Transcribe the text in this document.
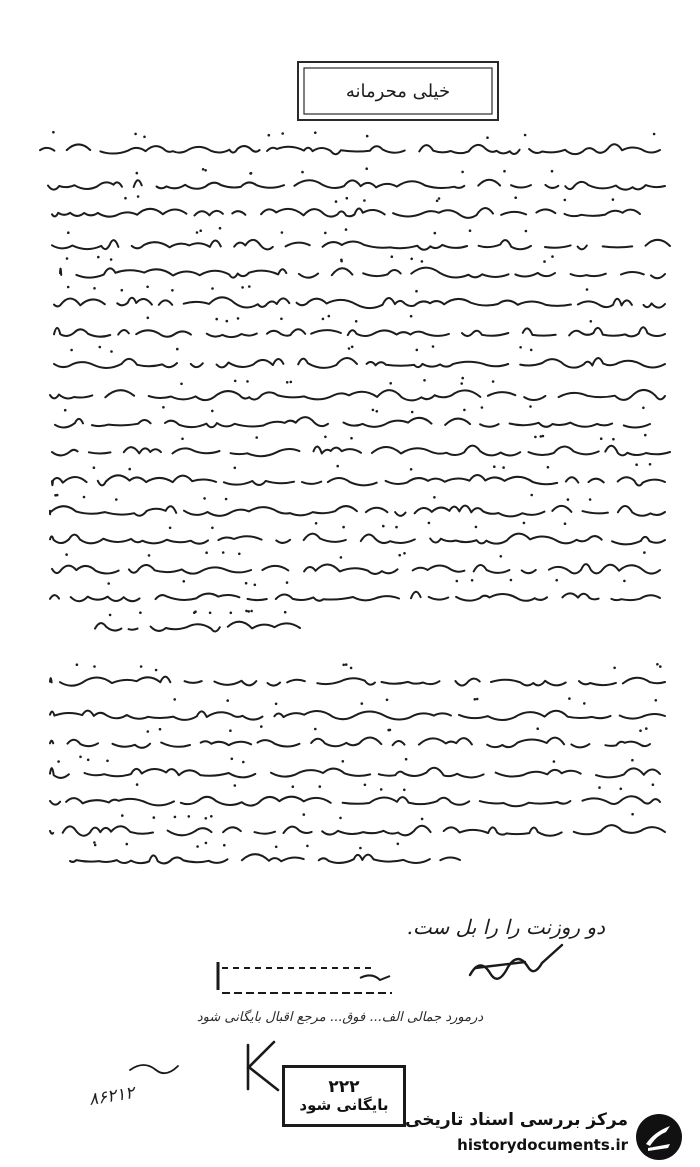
خیلی محرمانه
دو روزنت را را بل ست.
درمورد جمالی الف... فوق... مرجع اقبال بایگانی شود
۸۶۲۱۲	۲۲۲
بایگانی شود
مرکز بررسی اسناد تاریخی
historydocuments.ir
